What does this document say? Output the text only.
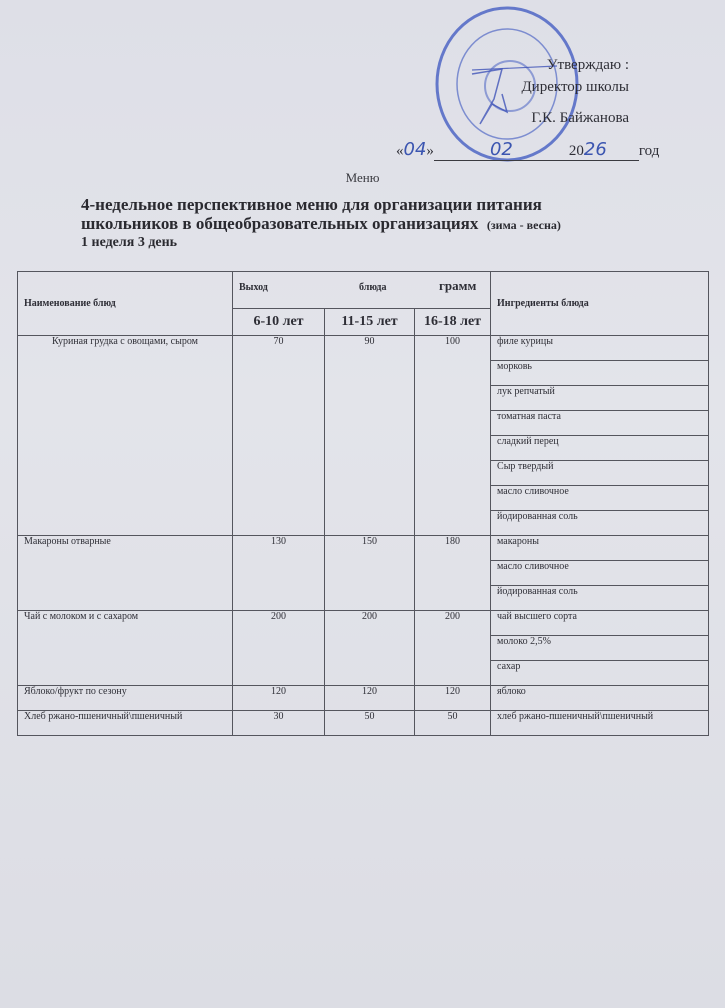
Утверждаю :
Директор школы
Г.К. Байжанова
« 04 »	02	2026	год
Меню
4-недельное перспективное меню для организации питания
школьников в общеобразовательных организациях (зима - весна)
1 неделя 3 день
Наименование блюд	Выход блюда грамм			Ингредиенты блюда
	6-10 лет	11-15 лет	16-18 лет	
Куриная грудка с овощами, сыром	70	90	100	филе курицы
				морковь
				лук репчатый
				томатная паста
				сладкий перец
				Сыр твердый
				масло сливочное
				йодированная соль
Макароны отварные	130	150	180	макароны
				масло сливочное
				йодированная соль
Чай с молоком и с сахаром	200	200	200	чай высшего сорта
				молоко 2,5%
				сахар
Яблоко/фрукт по сезону	120	120	120	яблоко
Хлеб ржано-пшеничный\пшеничный	30	50	50	хлеб ржано-пшеничный\пшеничный
